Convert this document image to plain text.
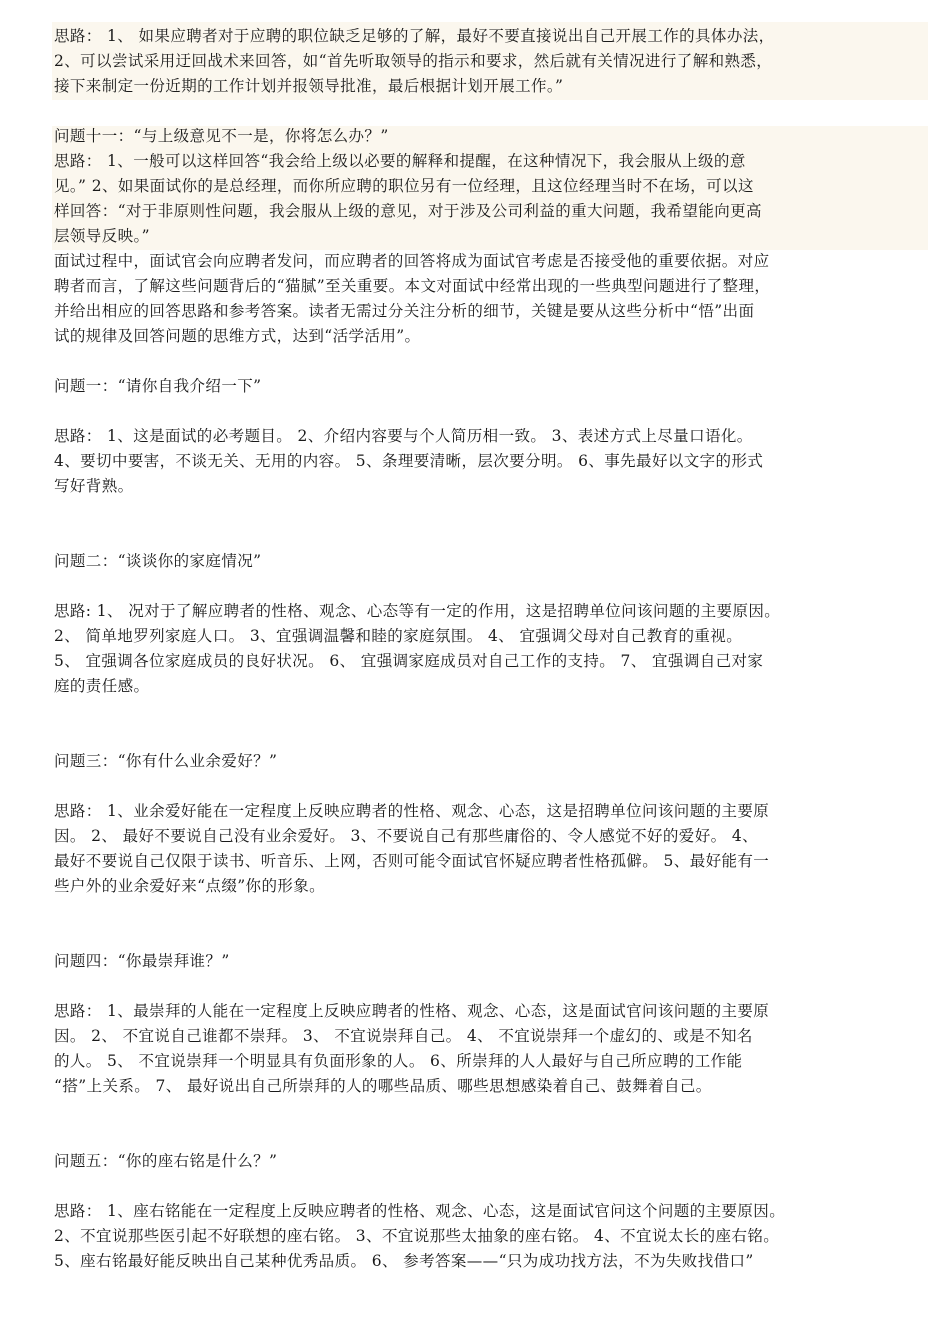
思路： 1、 如果应聘者对于应聘的职位缺乏足够的了解，最好不要直接说出自己开展工作的具体办法，
2、可以尝试采用迂回战术来回答，如“首先听取领导的指示和要求，然后就有关情况进行了解和熟悉，
接下来制定一份近期的工作计划并报领导批准，最后根据计划开展工作。”
问题十一：“与上级意见不一是，你将怎么办？”
思路： 1、一般可以这样回答“我会给上级以必要的解释和提醒，在这种情况下，我会服从上级的意
见。” 2、如果面试你的是总经理，而你所应聘的职位另有一位经理，且这位经理当时不在场，可以这
样回答：“对于非原则性问题，我会服从上级的意见，对于涉及公司利益的重大问题，我希望能向更高
层领导反映。”
面试过程中，面试官会向应聘者发问，而应聘者的回答将成为面试官考虑是否接受他的重要依据。对应
聘者而言，了解这些问题背后的“猫腻”至关重要。本文对面试中经常出现的一些典型问题进行了整理，
并给出相应的回答思路和参考答案。读者无需过分关注分析的细节，关键是要从这些分析中“悟”出面
试的规律及回答问题的思维方式，达到“活学活用”。
问题一：“请你自我介绍一下”
思路： 1、这是面试的必考题目。 2、介绍内容要与个人简历相一致。 3、表述方式上尽量口语化。
4、要切中要害，不谈无关、无用的内容。 5、条理要清晰，层次要分明。 6、事先最好以文字的形式
写好背熟。
问题二：“谈谈你的家庭情况”
思路: 1、 况对于了解应聘者的性格、观念、心态等有一定的作用，这是招聘单位问该问题的主要原因。
2、 简单地罗列家庭人口。 3、宜强调温馨和睦的家庭氛围。 4、 宜强调父母对自己教育的重视。
5、 宜强调各位家庭成员的良好状况。 6、 宜强调家庭成员对自己工作的支持。 7、 宜强调自己对家
庭的责任感。
问题三：“你有什么业余爱好？”
思路： 1、业余爱好能在一定程度上反映应聘者的性格、观念、心态，这是招聘单位问该问题的主要原
因。 2、 最好不要说自己没有业余爱好。 3、不要说自己有那些庸俗的、令人感觉不好的爱好。 4、
最好不要说自己仅限于读书、听音乐、上网，否则可能令面试官怀疑应聘者性格孤僻。 5、最好能有一
些户外的业余爱好来“点缀”你的形象。
问题四：“你最崇拜谁？”
思路： 1、最崇拜的人能在一定程度上反映应聘者的性格、观念、心态，这是面试官问该问题的主要原
因。 2、 不宜说自己谁都不崇拜。 3、 不宜说崇拜自己。 4、 不宜说崇拜一个虚幻的、或是不知名
的人。 5、 不宜说崇拜一个明显具有负面形象的人。 6、所崇拜的人人最好与自己所应聘的工作能
“搭”上关系。 7、 最好说出自己所崇拜的人的哪些品质、哪些思想感染着自己、鼓舞着自己。
问题五：“你的座右铭是什么？”
思路： 1、座右铭能在一定程度上反映应聘者的性格、观念、心态，这是面试官问这个问题的主要原因。
2、不宜说那些医引起不好联想的座右铭。 3、不宜说那些太抽象的座右铭。 4、不宜说太长的座右铭。
5、座右铭最好能反映出自己某种优秀品质。 6、 参考答案——“只为成功找方法，不为失败找借口”
